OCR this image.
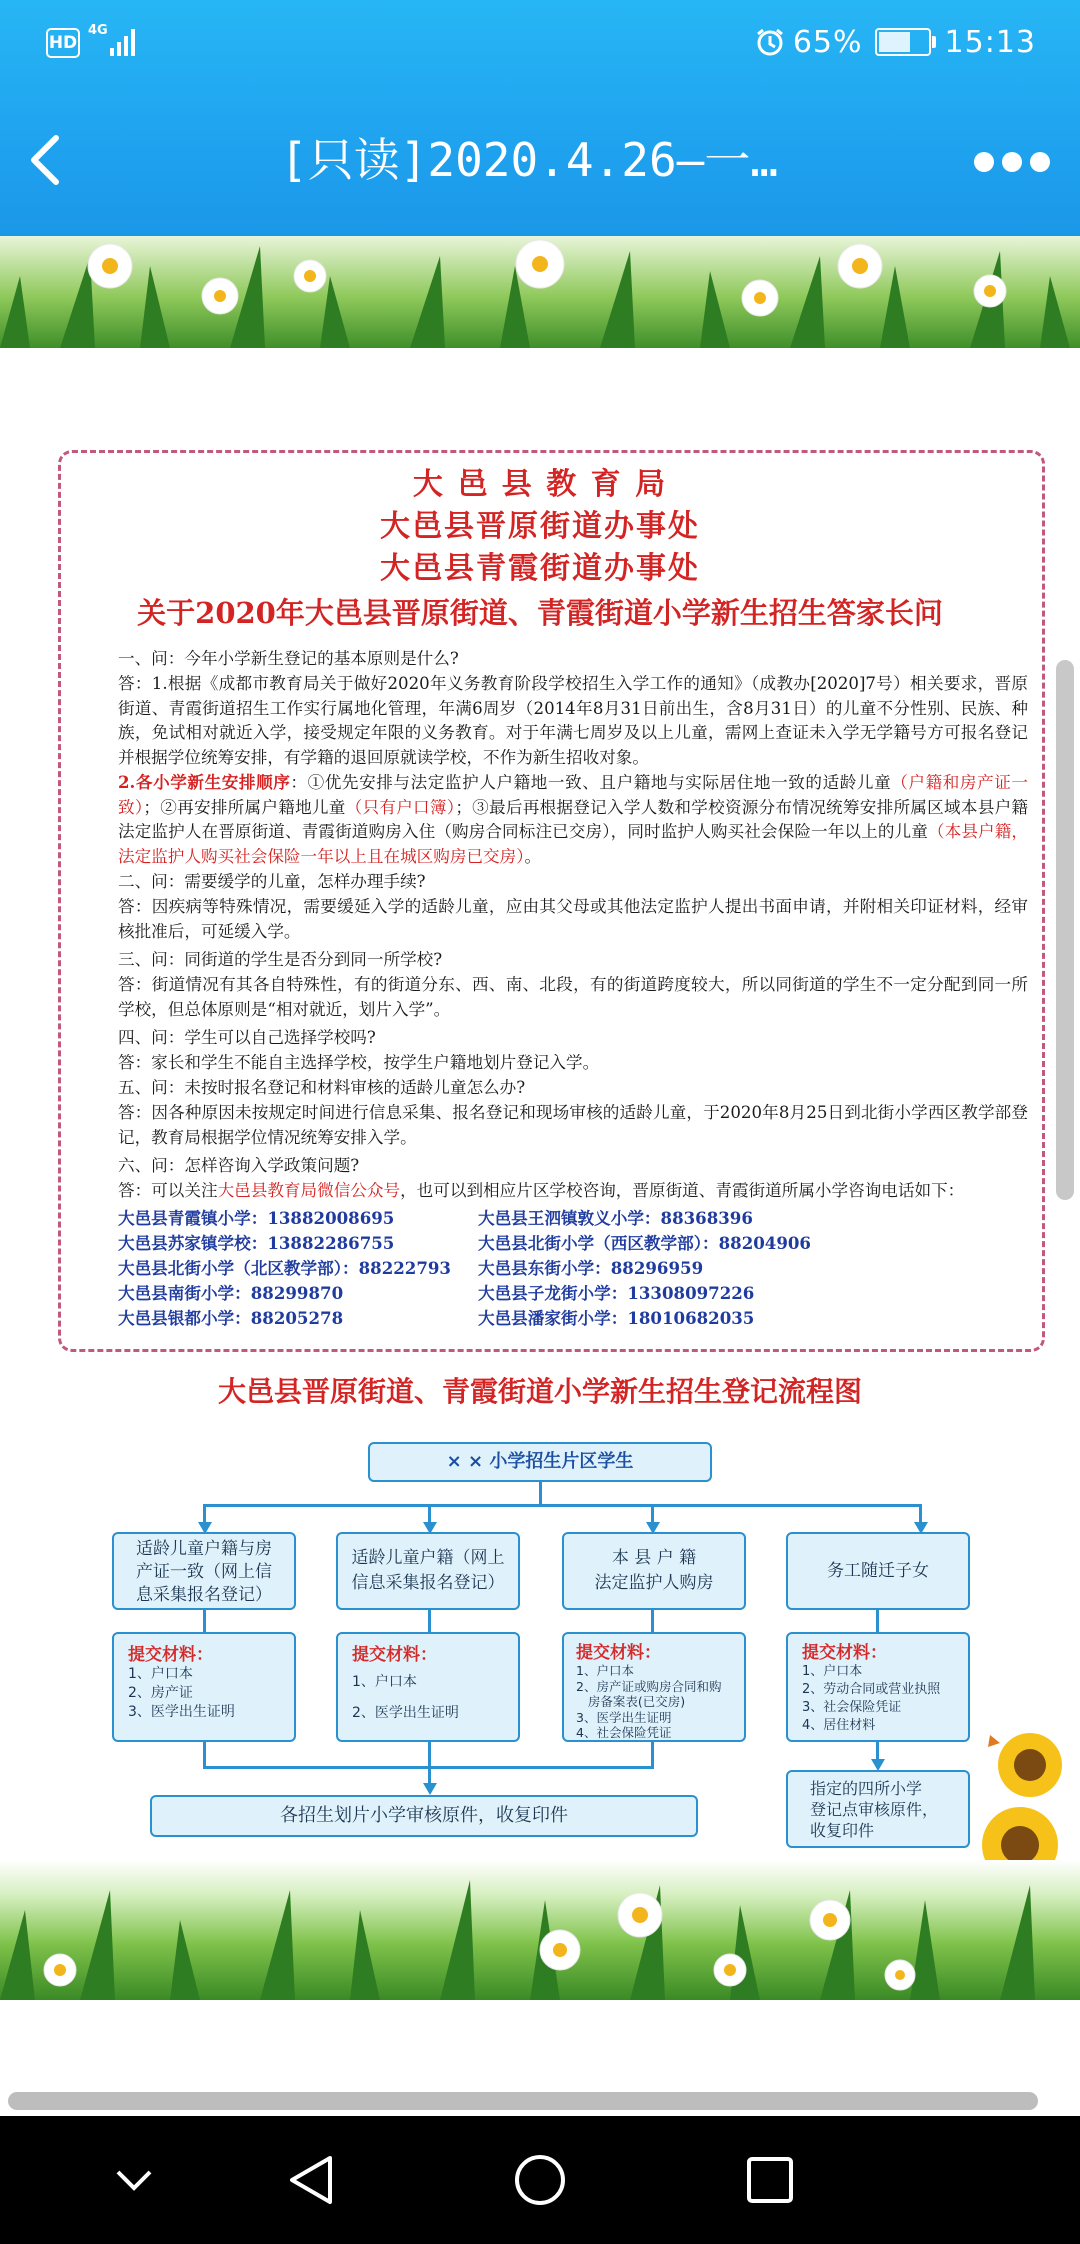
HD
4G	65%	15:13
[只读]2020.4.26—一…
大 邑 县 教 育 局
大邑县晋原街道办事处
大邑县青霞街道办事处
关于2020年大邑县晋原街道、青霞街道小学新生招生答家长问
一、问：今年小学新生登记的基本原则是什么?
答：1.根据《成都市教育局关于做好2020年义务教育阶段学校招生入学工作的通知》（成教办[2020]7号）相关要求，晋原街道、青霞街道招生工作实行属地化管理，年满6周岁（2014年8月31日前出生，含8月31日）的儿童不分性别、民族、种族，免试相对就近入学，接受规定年限的义务教育。对于年满七周岁及以上儿童，需网上查证未入学无学籍号方可报名登记并根据学位统筹安排，有学籍的退回原就读学校，不作为新生招收对象。
2.各小学新生安排顺序：①优先安排与法定监护人户籍地一致、且户籍地与实际居住地一致的适龄儿童（户籍和房产证一致）；②再安排所属户籍地儿童（只有户口簿）；③最后再根据登记入学人数和学校资源分布情况统筹安排所属区域本县户籍法定监护人在晋原街道、青霞街道购房入住（购房合同标注已交房），同时监护人购买社会保险一年以上的儿童（本县户籍，法定监护人购买社会保险一年以上且在城区购房已交房）。
二、问：需要缓学的儿童，怎样办理手续?
答：因疾病等特殊情况，需要缓延入学的适龄儿童，应由其父母或其他法定监护人提出书面申请，并附相关印证材料，经审核批准后，可延缓入学。
三、问：同街道的学生是否分到同一所学校?
答：街道情况有其各自特殊性，有的街道分东、西、南、北段，有的街道跨度较大，所以同街道的学生不一定分配到同一所学校，但总体原则是“相对就近，划片入学”。
四、问：学生可以自己选择学校吗?
答：家长和学生不能自主选择学校，按学生户籍地划片登记入学。
五、问：未按时报名登记和材料审核的适龄儿童怎么办?
答：因各种原因未按规定时间进行信息采集、报名登记和现场审核的适龄儿童，于2020年8月25日到北街小学西区教学部登记，教育局根据学位情况统筹安排入学。
六、问：怎样咨询入学政策问题?
答：可以关注大邑县教育局微信公众号，也可以到相应片区学校咨询，晋原街道、青霞街道所属小学咨询电话如下：
大邑县青霞镇小学：13882008695
大邑县苏家镇学校：13882286755
大邑县北街小学（北区教学部）：88222793
大邑县南街小学：88299870
大邑县银都小学：88205278
大邑县王泗镇敦义小学：88368396
大邑县北街小学（西区教学部）：88204906
大邑县东街小学：88296959
大邑县子龙街小学：13308097226
大邑县潘家街小学：18010682035
大邑县晋原街道、青霞街道小学新生招生登记流程图
× × 小学招生片区学生
适龄儿童户籍与房
产证一致（网上信
息采集报名登记）
适龄儿童户籍（网上
信息采集报名登记）
本 县 户 籍
法定监护人购房
务工随迁子女
提交材料：
1、户口本
2、房产证
3、医学出生证明
提交材料：
1、户口本
2、医学出生证明
提交材料：
1、户口本
2、房产证或购房合同和购
房备案表(已交房)
3、医学出生证明
4、社会保险凭证
提交材料：
1、户口本
2、劳动合同或营业执照
3、社会保险凭证
4、居住材料
各招生划片小学审核原件，收复印件
指定的四所小学
登记点审核原件，
收复印件
